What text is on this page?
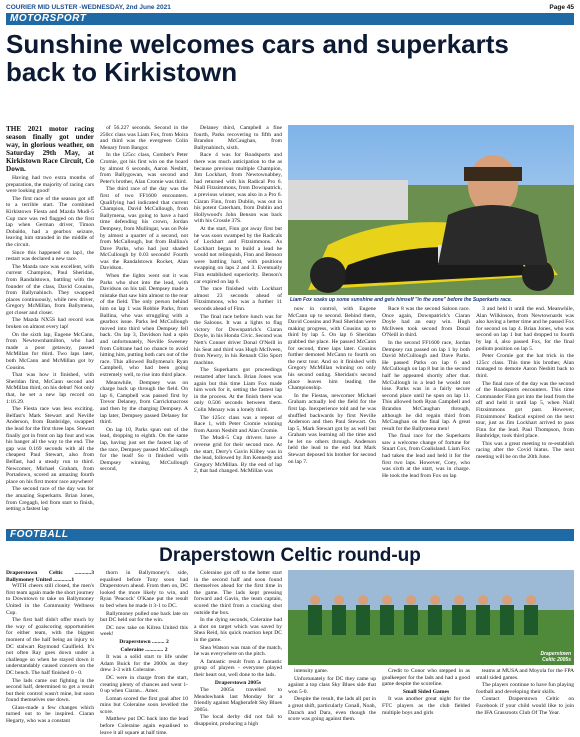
COURIER MID ULSTER -WEDNESDAY, 2nd June 2021	Page 45
MOTORSPORT
Sunshine welcomes cars and superkarts back to Kirkistown
THE 2021 motor racing season finally got under way, in glorious weather, on Saturday 29th May, at Kirkistown Race Circuit, Co Down.

Having had two extra months of preparation, the majority of racing cars were looking good!

The first race of the season got off to a terrible start. The combined Kirkistown Fiesta and Mazda Mudi-5 Cup race was red flagged on the first lap when German driver, Timon Dobaldo, had a gearbox seizure, leaving him stranded in the middle of the circuit.

Since this happened on lap1, the restart was declared a new race.

The Mazda race was excellent, with current Champion, Paul Sheridan, from Randalstown, battling with the founder of the class, David Cousins, from Ballynahinch. They swapped places continuously, while new driver, Gregory McMillan, from Ballymena, got closer and closer.

The Mazda NX5S had record was broken on almost every lap!

On the sixth lap, Eugene McCann, from Newtownhamilton, who had made a poor getaway, passed McMillan for third. Two laps later, both McCann and McMillan got by Cousins.

That was how it finished, with Sheridan first, McCann second and McMillan third, on his debut! Not only that, he set a new lap record on 1:16.29.

The Fiesta race was less exciting. Belfast's Mark Stewart and Neville Anderson, from Banbridge, swapped the lead for the first three laps. Stewart finally got in front on lap four and was his banger all the way to the end. The gap was 0.169 seconds with all the cheapest Paul Stewart, also from Belfast, had a steady run to third. Newcomer, Michael Graham, from Portadown, scored an amazing fourth place on his first motor race anywhere!

The second race of the day was for the amazing Superkarts. Brian Jones, from Cregagh, led from start to finish, setting a fastest lap

of 56.227 seconds. Second in the 250cc class was Liam Fox, from Moira and third was the evergreen Colin Menary from Bangor.

In the 125cc class, Comber's Peter Cromie, got his first win on the board by almost 6 seconds, Aaron Nesbitt, from Ballygowan, was second and Peter's brother, Alan Cromie was third.

The third race of the day was the first of two FF1600 encounters. Qualifying had indicated that current Champion, David McCullough, from Ballymena, was going to have a hard time defending his crown, Jordan Dempsey, from Mullingar, was on Pole by almost a quarter of a second, not from McCullough, but from Ballina's Dave Parks, who had just shaded McCullough by 0.03 seconds! Fourth was the Randalstown Rocket, Alan Davidson.

When the lights went out it was Parks who shot into the lead, with Davidson on his tail. Dempsey made a mistake that saw him almost to the rear of the field. The only person behind him on lap 1 was Robbie Parks, from Ballina, who was struggling with a gearbox issue. Parks led McCullough moved into third when Dempsey fell back. On lap 3, Davidson had a spin and unfortunately, Neville Sweeney from Coltrane had no chance to avoid hitting him, putting both cars out of the race. This allowed Ballymena's Ryan Campbell, who had been going extremely well, to rise into third place.

Meanwhile, Dempsey was on charge back up through the field. On lap 6, Campbell was passed first by Trevor Delaney, from Carrickmacross and then by the charging Dempsey. A lap later, Dempsey passed Delaney for third.

On lap 10, Parks spun out of the lead, dropping to eighth. On the same lap, having just set the fastest lap of the race, Dempsey passed McCullough for the lead! So it finished with Dempsey winning, McCullough second,

Delaney third, Campbell a fine fourth, Parks recovering to fifth and Brandon McCaughan, from Ballynahinch, sixth.

Race 4 was for Roadsports and there was much anticipation to the as because previous multiple Champion, Jim Lockhart, from Newtownabbey, had returned with his Radical Pro 6. Niall Fitzsimmons, from Downpatrick, a previous winner, was also in a Pro 6. Ciaran Finn, from Dublin, was out in his potent Caterham, from Dublin and Hollywood's John Benson was back with his Crossle 37S.

At the start, Finn got away first but he was soon swamped by the Radicals of Lockhart and Fitzsimmons. As Lockhart began to build a lead he would not relinquish, Finn and Benson were battling hard, with positions swapping on laps 2 and 3. Eventually Finn established superiority. Benson's car expired on lap 6.

The race finished with Lockhart almost 23 seconds ahead of Fitzsimmons, who was a further 11 seconds ahead of Finn.

The final race before lunch was for the Saloons. It was a lights to flag victory for Downpatrick's Ciaran Doyle, in his Honda Civic. Second was Nett's Conner driver Donal O'Neill in his Seat and third was Hugh McIlveen, from Newry, in his Renault Clio Sport machine.

The Superkarts got proceedings restarted after lunch. Brian Jones was again but this time Liam Fox made him work for it, setting the fastest lap in the process. At the finish there was only 0.506 seconds between them. Colin Menary was a lonely third.

The 125cc class was a repeat of Race 1, with Peter Cromie winning from Aaron Nesbitt and Alan Cromie.

The Mudi-5 Cup drivers have a reverse grid for their second race. At the start, Derry's Gavin Kilbey was in the lead, followed by Jim Kennedy and Gregory McMillan. By the end of lap 2, that had changed. McMillan was

Liam Fox soaks up some sunshine and gets himself "in the zone" before the Superkarts race.

now in control, with Eugene McCann up to second. Behind them, David Cousins and Paul Sheridan were making progress, with Cousins up to third by lap 5. On lap 6 Sheridan grabbed the place. He passed McCann for second, three laps later. Cousins further demoted McCann to fourth on the next tour. And so it finished with Gregory McMillan winning on only his second outing. Sheridan's second place leaves him leading the Championship.

In the Fiestas, newcomer Michael Graham actually led the field for the first lap. Inexperience told and he was shuffled backwards by first Neville Anderson and then Paul Stewart. On lap 5, Mark Stewart got by as well but Graham was learning all the time and he let no others through. Anderson held the lead to the end but Mark Stewart deposed his brother for second on lap 7.

Race 8 was the second Saloon race. Once again, Downpatrick's Ciaran Doyle had an easy win. Hugh McIlveen took second from Donal O'Neill in third.

In the second FF1600 race, Jordan Dempsey ran passed on lap 1 by both David McCullough and Dave Parks. He passed Parks on lap 6 and McCullough on lap 8 but in the second half he appeared shortly after that. McCullough in a lead he would not lose. Parks was in a fairly secure second place until he spun on lap 11. This allowed both Ryan Campbell and Brandon McCaughan through, although he did regain third from McCaughan on the final lap. A great result for the Ballymena men!

The final race for the Superkarts saw a welcome change of fortune for Stuart Cox, from Coalisland. Liam Fox had taken the lead and held it for the first two laps. However, Coey, who was sixth at the start, was in charge. He took the lead from Fox on lap

3 and held it until the end. Meanwhile, Alan Wilkinson, from Newtownards was also having a better time and he passed Fox for second on lap 4. Brian Jones, who was second on lap 1 but had dropped to fourth by lap 4, also passed Fox, for the final podium position on lap 5.

Peter Cromie got the hat trick in the 125cc class. This time his brother, Alan managed to demote Aaron Nesbitt back to third.

The final race of the day was the second of the Roadsports encounters. This time Commander Finn got into the lead from the off and held it until lap 5, when Niall Fitzsimmons got past. However, Fitzsimmons' Radical expired on the next tour, just as Jim Lockhart arrived to pass Finn for the lead. Paul Thompson, from Banbridge, took third place.

This was a great meeting to re-establish racing after the Covid hiatus. The next meeting will be on the 20th June.

FOOTBALL
Draperstown Celtic round-up
Draperstown Celtic ............3 Ballymoney United .............1

WITH cheers still closed, the men's first team again made the short journey to Downtown to take on Ballymoney United in the Community Wellness Cup.

The first half didn't offer much by the way of goalscoring opportunities for either team, with the biggest moment of the half being an injury to DC stalwart Raymond Caulfield. It's not often Ray goes down under a challenge so when he stayed down it understandably caused concern on the DC bench. The half finished 0 - 0.

The lads came out fighting in the second half, determined to get a result but their control wasn't mine, but soon found themselves one down.

Glass-made a few changes which turned out to be inspired. Ciaran Hegarty, who was a constant

thorn in Ballymoney's side, equalised before Tony soon had Draperstown ahead. From then on, DC looked the more likely to win, and Ryan 'Peacock' O'Kane put the result to bed when he made it 3-1 to DC.

Ballymoney pulled one back late on but DC held out for the win.

DC now take on Kilrea United this week!

Draperstown ......... 2

Coleraine ............. 2

It was a solid start to life under Adam Buick for the 2000s as they drew 3-3 with Coleraine.

DC were in charge from the start, creating plenty of chances and went 1-0 up when Ciaran... Amer.

Loman scored the first goal after 10 mins but Coleraine soon levelled the score.

Matthew put DC back into the lead before Coleraine again equalised to leave it all square at half time.

Coleraine got off to the better start in the second half and soon found themselves ahead for the first time in the game. The lads kept pressing forward and Gavin, the team captain, scored the third from a cracking shot outside the box.

In the dying seconds, Coleraine had a shot on target which was saved by Shea Reid, his quick reaction kept DC in the game.

Shea Watson was man of the match, he was everywhere on the pitch.

A fantastic result from a fantastic group of players - everyone played their heart out, well done to the lads.

Draperstown 2005s

The 2005s travelled to Meadowbank last Monday for a friendly against Magherafelt Sky Blues 2005s.

The local derby did not fail to disappoint, producing a high

Draperstown Celtic 2005s

intensity game.

Unfortunately for DC they came up against a top class Sky Blues side that won 5-0.

Despite the result, the lads all put in a great shift, particularly Conall, Noah, Darach and Dara, even though the score was going against them.

Credit to Conor who stepped in as goalkeeper for the lads and had a good game despite the scoreline.

Small Sided Games

It was another great night for the FTC players as the club fielded multiple boys and girls

teams at MUSA and Moyola for the FPA small sided games.

The players continue to have fun playing football and developing their skills.

Contact Draperstown Celtic on Facebook if your child would like to join the IFA Grassroots Club Of The Year.
